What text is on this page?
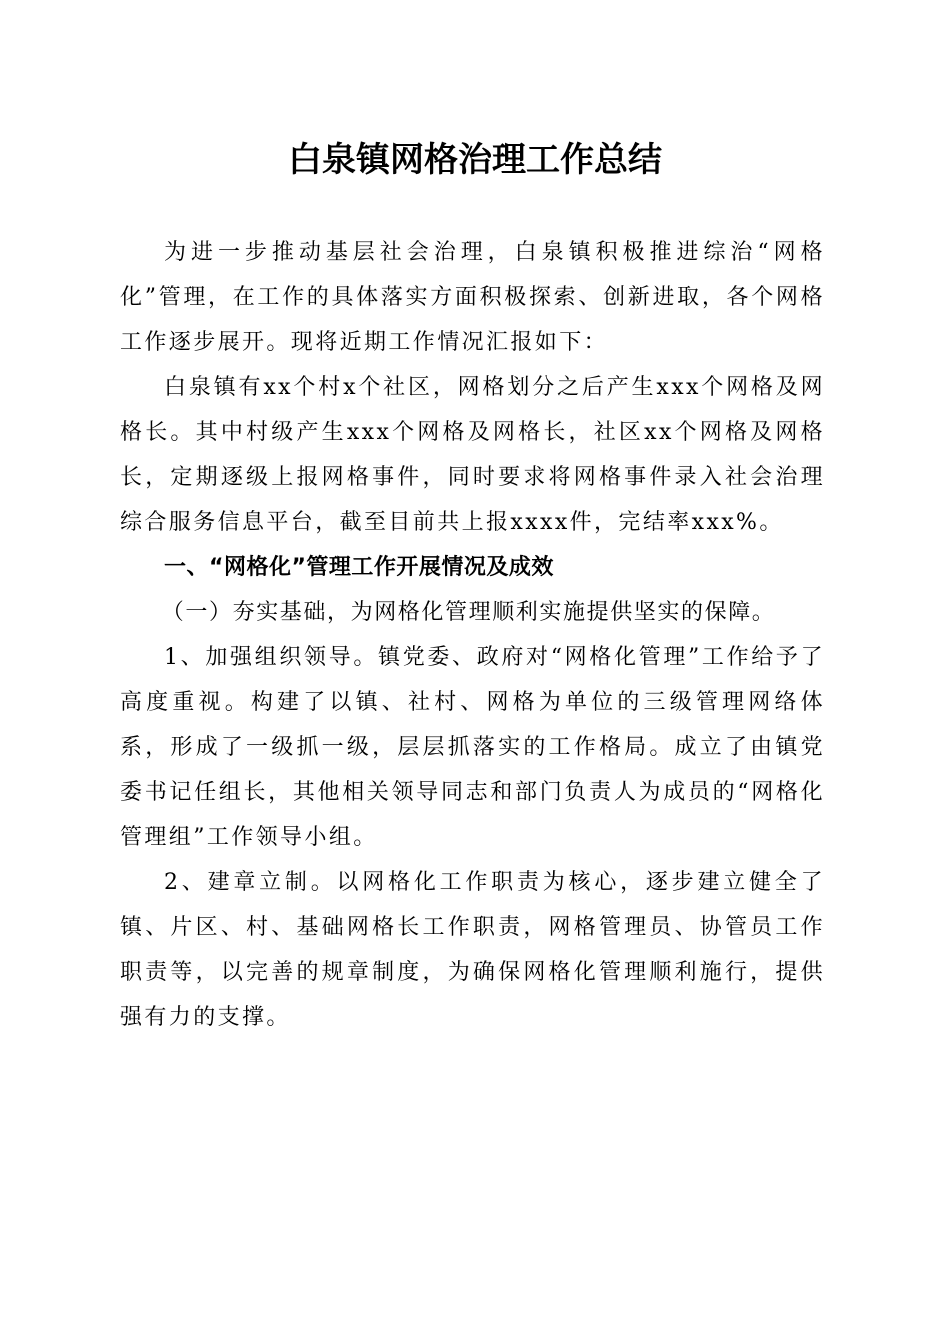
白泉镇网格治理工作总结

为进一步推动基层社会治理，白泉镇积极推进综治“网格化”管理，在工作的具体落实方面积极探索、创新进取，各个网格工作逐步展开。现将近期工作情况汇报如下：

白泉镇有xx个村x个社区，网格划分之后产生xxx个网格及网格长。其中村级产生xxx个网格及网格长，社区xx个网格及网格长，定期逐级上报网格事件，同时要求将网格事件录入社会治理综合服务信息平台，截至目前共上报xxxx件，完结率xxx%。

一、“网格化”管理工作开展情况及成效

（一）夯实基础，为网格化管理顺利实施提供坚实的保障。

1、加强组织领导。镇党委、政府对“网格化管理”工作给予了高度重视。构建了以镇、社村、网格为单位的三级管理网络体系，形成了一级抓一级，层层抓落实的工作格局。成立了由镇党委书记任组长，其他相关领导同志和部门负责人为成员的“网格化管理组”工作领导小组。

2、建章立制。以网格化工作职责为核心，逐步建立健全了镇、片区、村、基础网格长工作职责，网格管理员、协管员工作职责等，以完善的规章制度，为确保网格化管理顺利施行，提供强有力的支撑。
